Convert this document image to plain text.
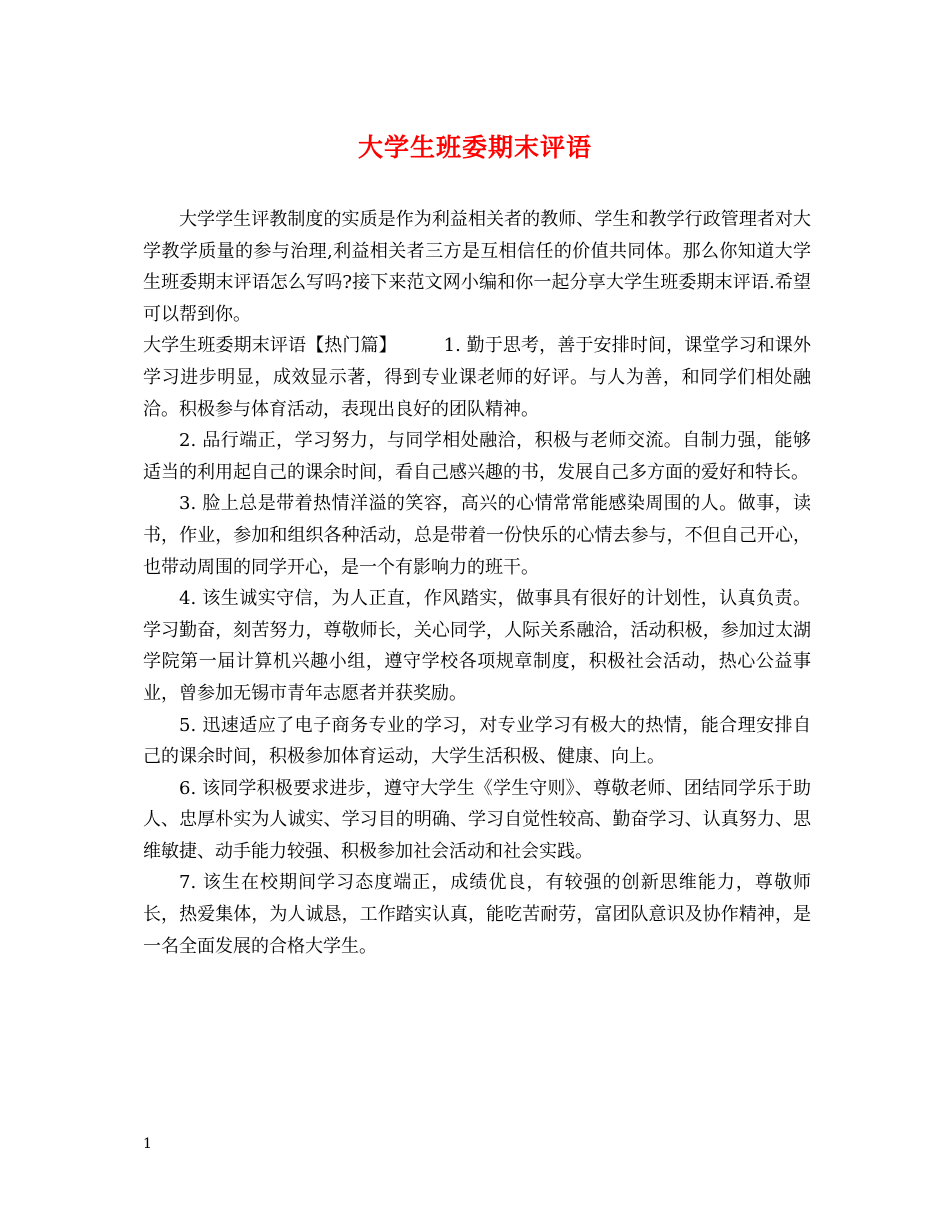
大学生班委期末评语

大学学生评教制度的实质是作为利益相关者的教师、学生和教学行政管理者对大学教学质量的参与治理,利益相关者三方是互相信任的价值共同体。那么你知道大学生班委期末评语怎么写吗?接下来范文网小编和你一起分享大学生班委期末评语.希望可以帮到你。

大学生班委期末评语【热门篇】	1. 勤于思考，善于安排时间，课堂学习和课外学习进步明显，成效显示著，得到专业课老师的好评。与人为善，和同学们相处融洽。积极参与体育活动，表现出良好的团队精神。

2. 品行端正，学习努力，与同学相处融洽，积极与老师交流。自制力强，能够适当的利用起自己的课余时间，看自己感兴趣的书，发展自己多方面的爱好和特长。

3. 脸上总是带着热情洋溢的笑容，高兴的心情常常能感染周围的人。做事，读书，作业，参加和组织各种活动，总是带着一份快乐的心情去参与，不但自己开心，也带动周围的同学开心，是一个有影响力的班干。

4. 该生诚实守信，为人正直，作风踏实，做事具有很好的计划性，认真负责。学习勤奋，刻苦努力，尊敬师长，关心同学，人际关系融洽，活动积极，参加过太湖学院第一届计算机兴趣小组，遵守学校各项规章制度，积极社会活动，热心公益事业，曾参加无锡市青年志愿者并获奖励。

5. 迅速适应了电子商务专业的学习，对专业学习有极大的热情，能合理安排自己的课余时间，积极参加体育运动，大学生活积极、健康、向上。

6. 该同学积极要求进步，遵守大学生《学生守则》、尊敬老师、团结同学乐于助人、忠厚朴实为人诚实、学习目的明确、学习自觉性较高、勤奋学习、认真努力、思维敏捷、动手能力较强、积极参加社会活动和社会实践。

7. 该生在校期间学习态度端正，成绩优良，有较强的创新思维能力，尊敬师长，热爱集体，为人诚恳，工作踏实认真，能吃苦耐劳，富团队意识及协作精神，是一名全面发展的合格大学生。

1
